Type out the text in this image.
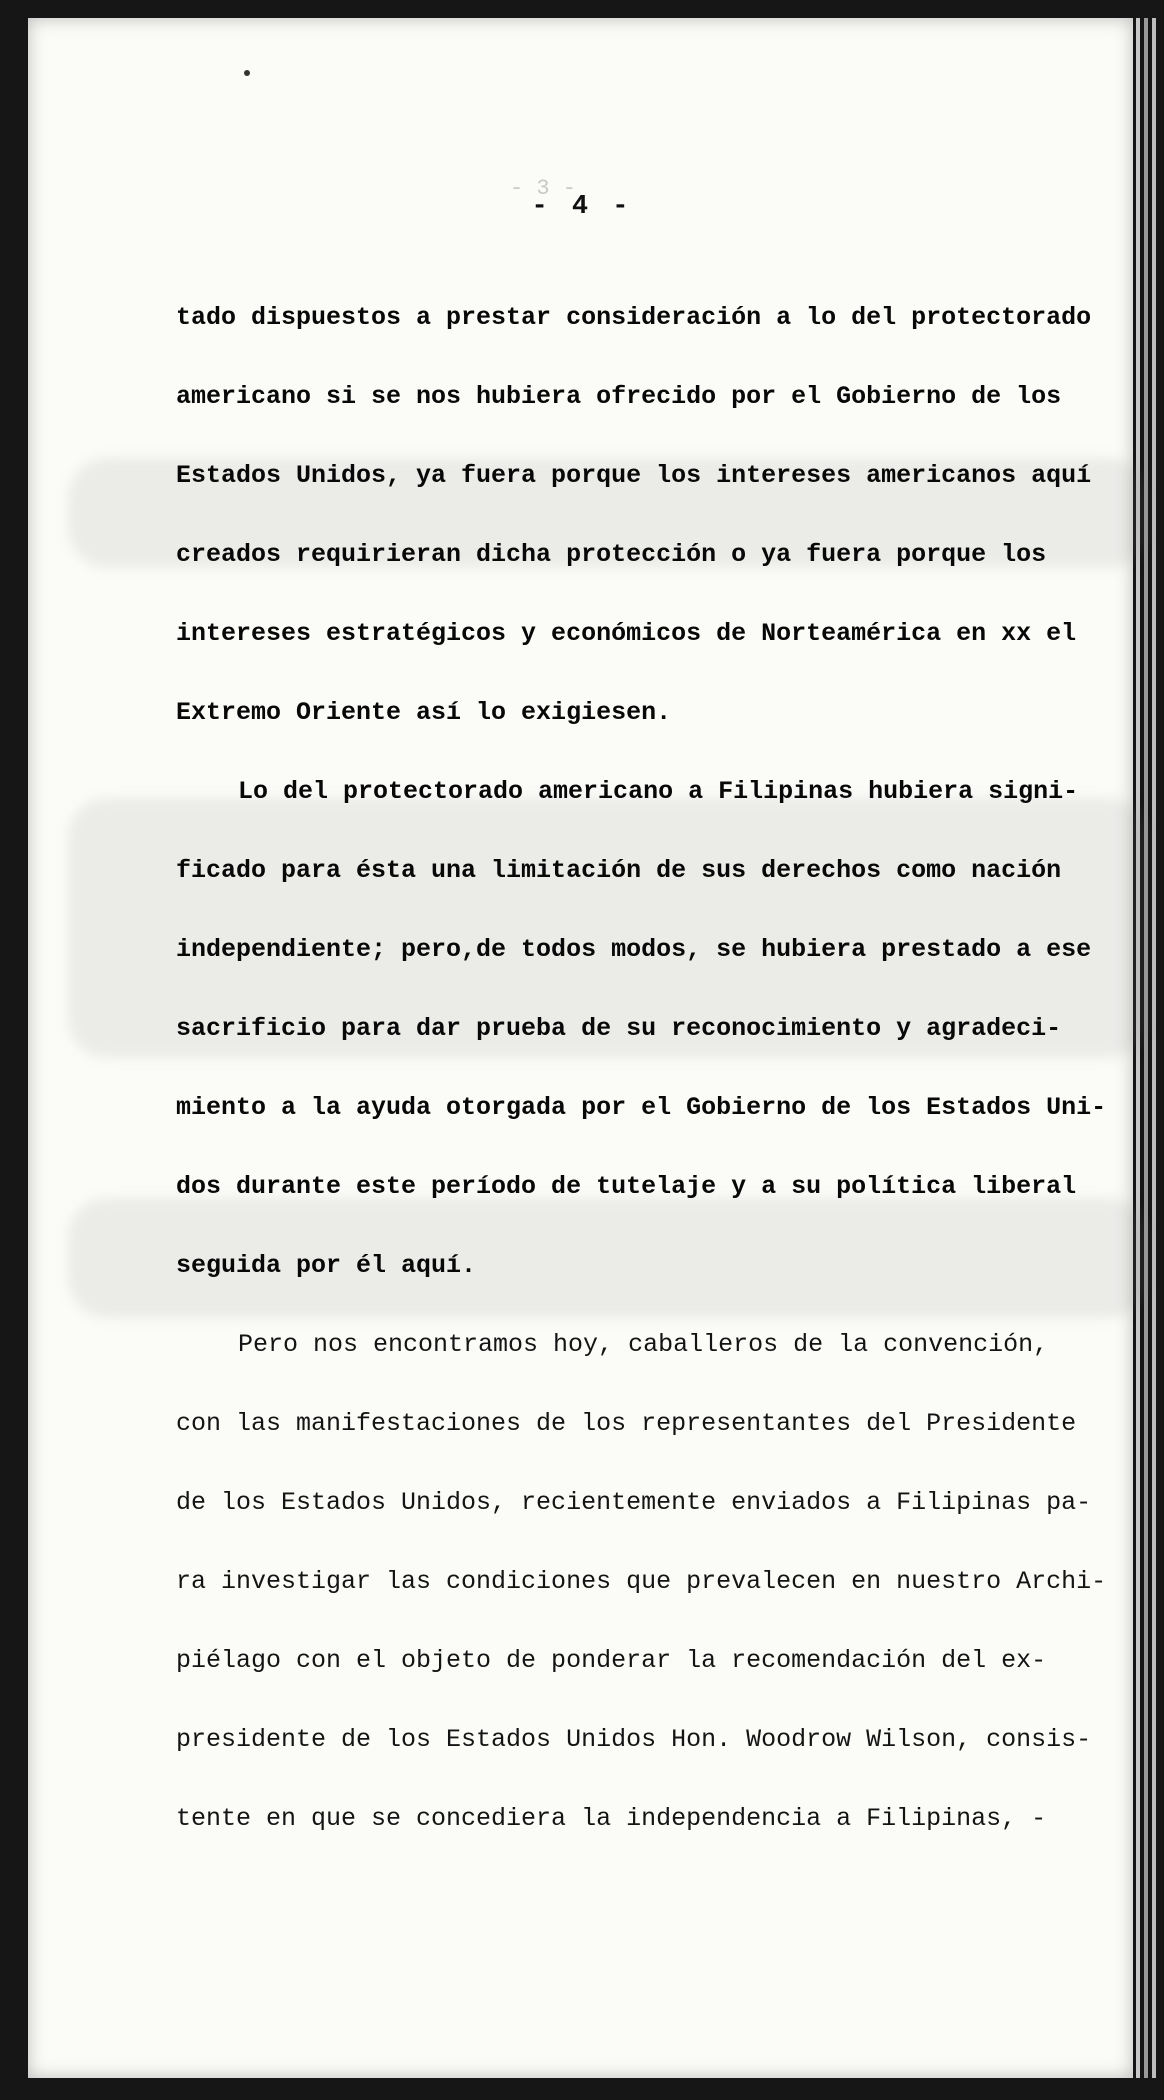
- 3 -
- 4 -
tado dispuestos a prestar consideración a lo del protectorado
americano si se nos hubiera ofrecido por el Gobierno de los
Estados Unidos, ya fuera porque los intereses americanos aquí
creados requirieran dicha protección o ya fuera porque los
intereses estratégicos y económicos de Norteamérica en xx el
Extremo Oriente así lo exigiesen.
Lo del protectorado americano a Filipinas hubiera signi-
ficado para ésta una limitación de sus derechos como nación
independiente; pero,de todos modos, se hubiera prestado a ese
sacrificio para dar prueba de su reconocimiento y agradeci-
miento a la ayuda otorgada por el Gobierno de los Estados Uni-
dos durante este período de tutelaje y a su política liberal
seguida por él aquí.
Pero nos encontramos hoy, caballeros de la convención,
con las manifestaciones de los representantes del Presidente
de los Estados Unidos, recientemente enviados a Filipinas pa-
ra investigar las condiciones que prevalecen en nuestro Archi-
piélago con el objeto de ponderar la recomendación del ex-
presidente de los Estados Unidos Hon. Woodrow Wilson, consis-
tente en que se concediera la independencia a Filipinas, -
